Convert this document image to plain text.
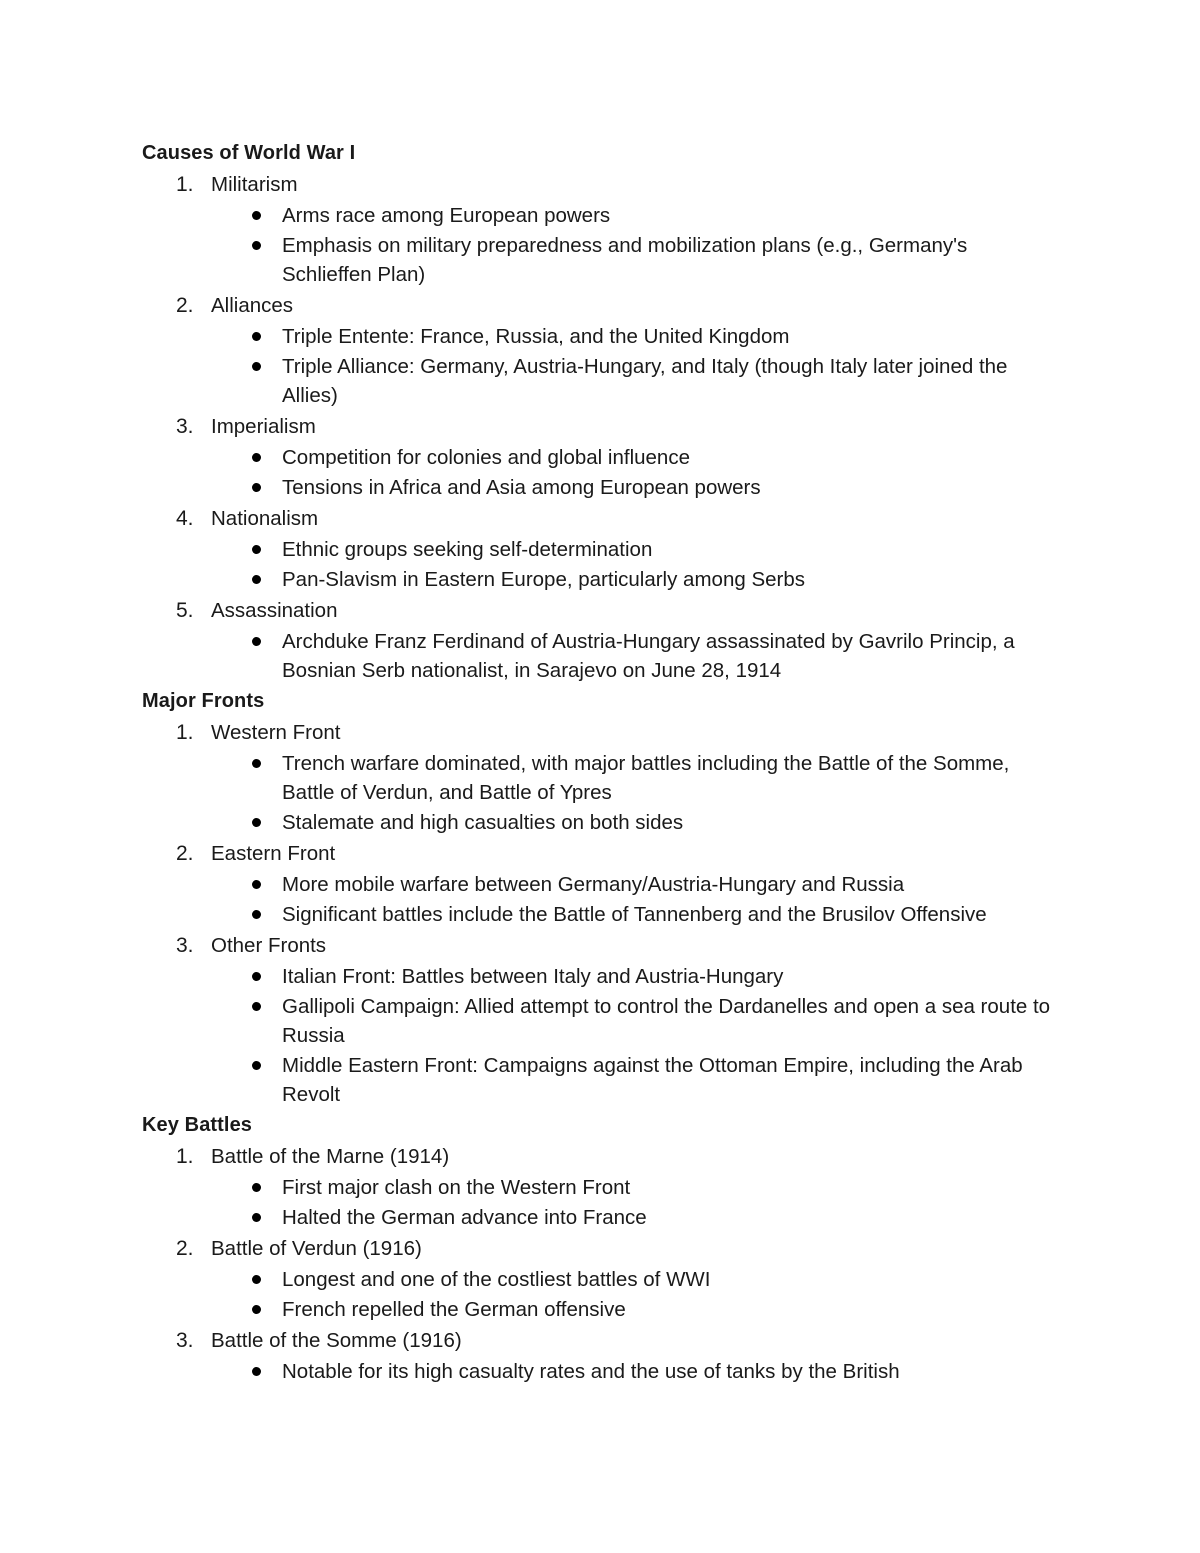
Causes of World War I
1. Militarism
Arms race among European powers
Emphasis on military preparedness and mobilization plans (e.g., Germany's Schlieffen Plan)
2. Alliances
Triple Entente: France, Russia, and the United Kingdom
Triple Alliance: Germany, Austria-Hungary, and Italy (though Italy later joined the Allies)
3. Imperialism
Competition for colonies and global influence
Tensions in Africa and Asia among European powers
4. Nationalism
Ethnic groups seeking self-determination
Pan-Slavism in Eastern Europe, particularly among Serbs
5. Assassination
Archduke Franz Ferdinand of Austria-Hungary assassinated by Gavrilo Princip, a Bosnian Serb nationalist, in Sarajevo on June 28, 1914
Major Fronts
1. Western Front
Trench warfare dominated, with major battles including the Battle of the Somme, Battle of Verdun, and Battle of Ypres
Stalemate and high casualties on both sides
2. Eastern Front
More mobile warfare between Germany/Austria-Hungary and Russia
Significant battles include the Battle of Tannenberg and the Brusilov Offensive
3. Other Fronts
Italian Front: Battles between Italy and Austria-Hungary
Gallipoli Campaign: Allied attempt to control the Dardanelles and open a sea route to Russia
Middle Eastern Front: Campaigns against the Ottoman Empire, including the Arab Revolt
Key Battles
1. Battle of the Marne (1914)
First major clash on the Western Front
Halted the German advance into France
2. Battle of Verdun (1916)
Longest and one of the costliest battles of WWI
French repelled the German offensive
3. Battle of the Somme (1916)
Notable for its high casualty rates and the use of tanks by the British
